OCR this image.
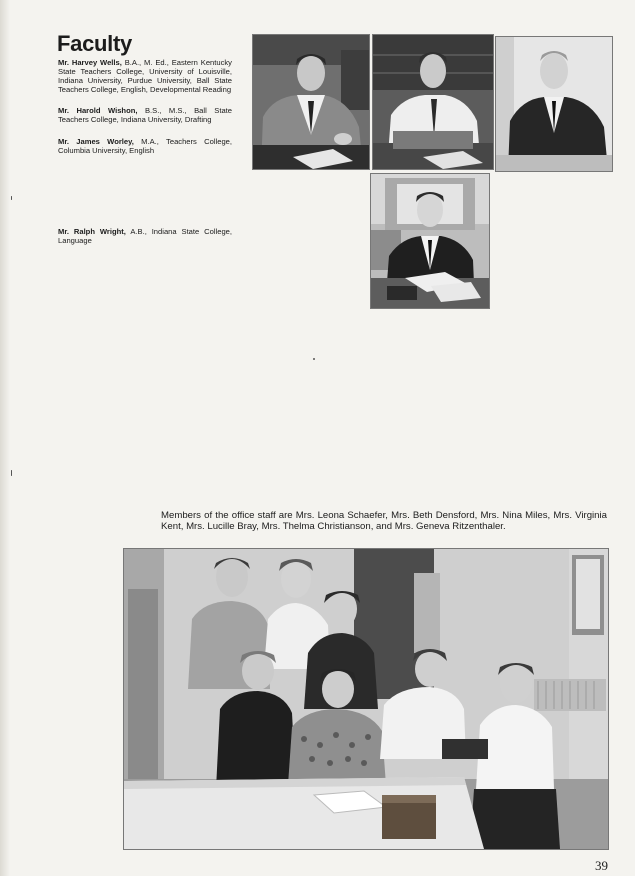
Faculty
Mr. Harvey Wells, B.A., M. Ed., Eastern Kentucky State Teachers College, University of Louisville, Indiana University, Purdue University, Ball State Teachers College, English, Developmental Reading
Mr. Harold Wishon, B.S., M.S., Ball State Teachers College, Indiana University, Drafting
Mr. James Worley, M.A., Teachers College, Columbia University, English
Mr. Ralph Wright, A.B., Indiana State College, Language
Members of the office staff are Mrs. Leona Schaefer, Mrs. Beth Densford, Mrs. Nina Miles, Mrs. Virginia Kent, Mrs. Lucille Bray, Mrs. Thelma Christianson, and Mrs. Geneva Ritzenthaler.
39
